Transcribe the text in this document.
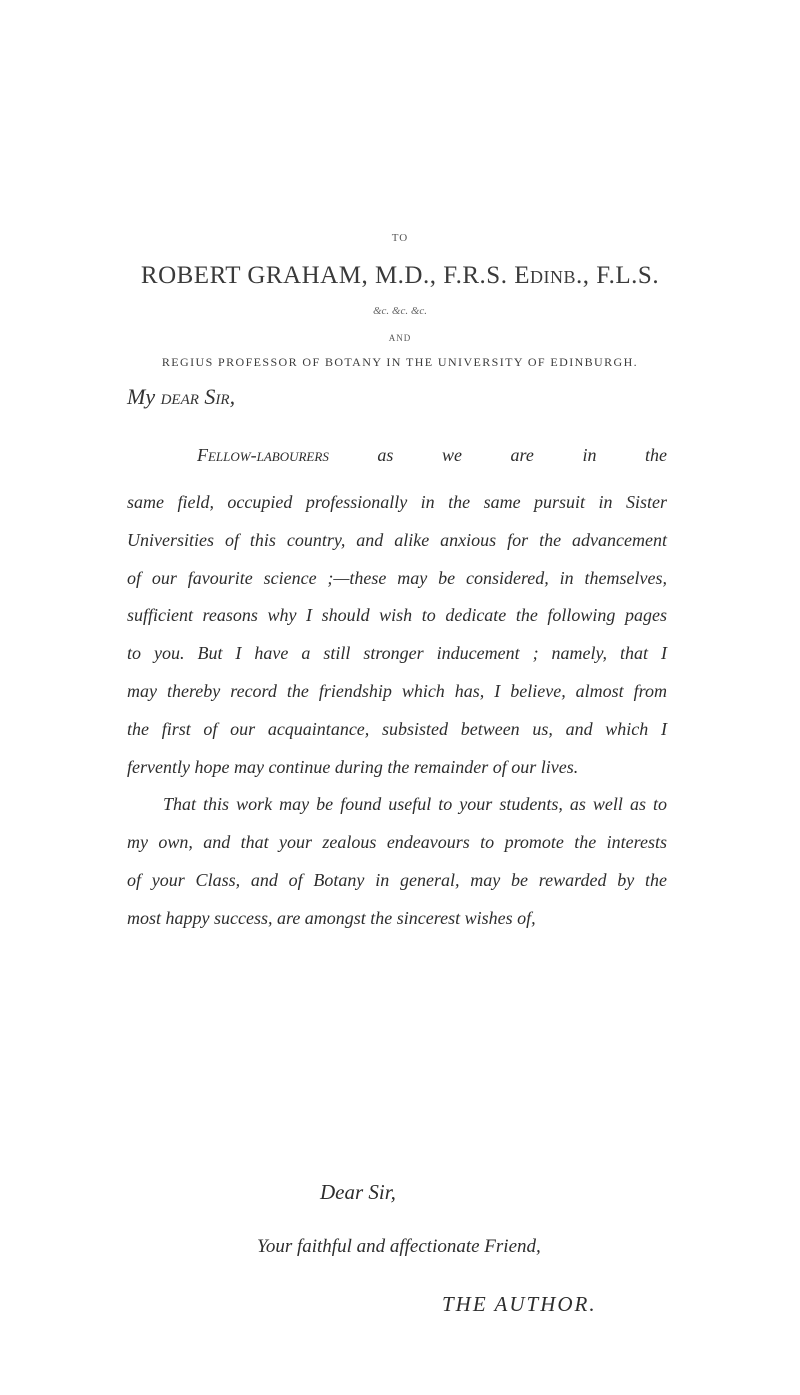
TO
ROBERT GRAHAM, M.D., F.R.S. Edinb., F.L.S.
&c. &c. &c.
AND
REGIUS PROFESSOR OF BOTANY IN THE UNIVERSITY OF EDINBURGH.
My dear Sir,
Fellow-labourers	as we are in the
same field, occupied professionally in the same pursuit in Sister
Universities of this country, and alike anxious for the advancement
of our favourite science ;—these may be considered, in themselves,
sufficient reasons why I should wish to dedicate the following pages
to you. But I have a still stronger inducement ; namely, that I
may thereby record the friendship which has, I believe, almost from
the first of our acquaintance, subsisted between us, and which I
fervently hope may continue during the remainder of our lives.
That this work may be found useful to your students, as well as to
my own, and that your zealous endeavours to promote the interests
of your Class, and of Botany in general, may be rewarded by the
most happy success, are amongst the sincerest wishes of,
Dear Sir,
Your faithful and affectionate Friend,
THE AUTHOR.
